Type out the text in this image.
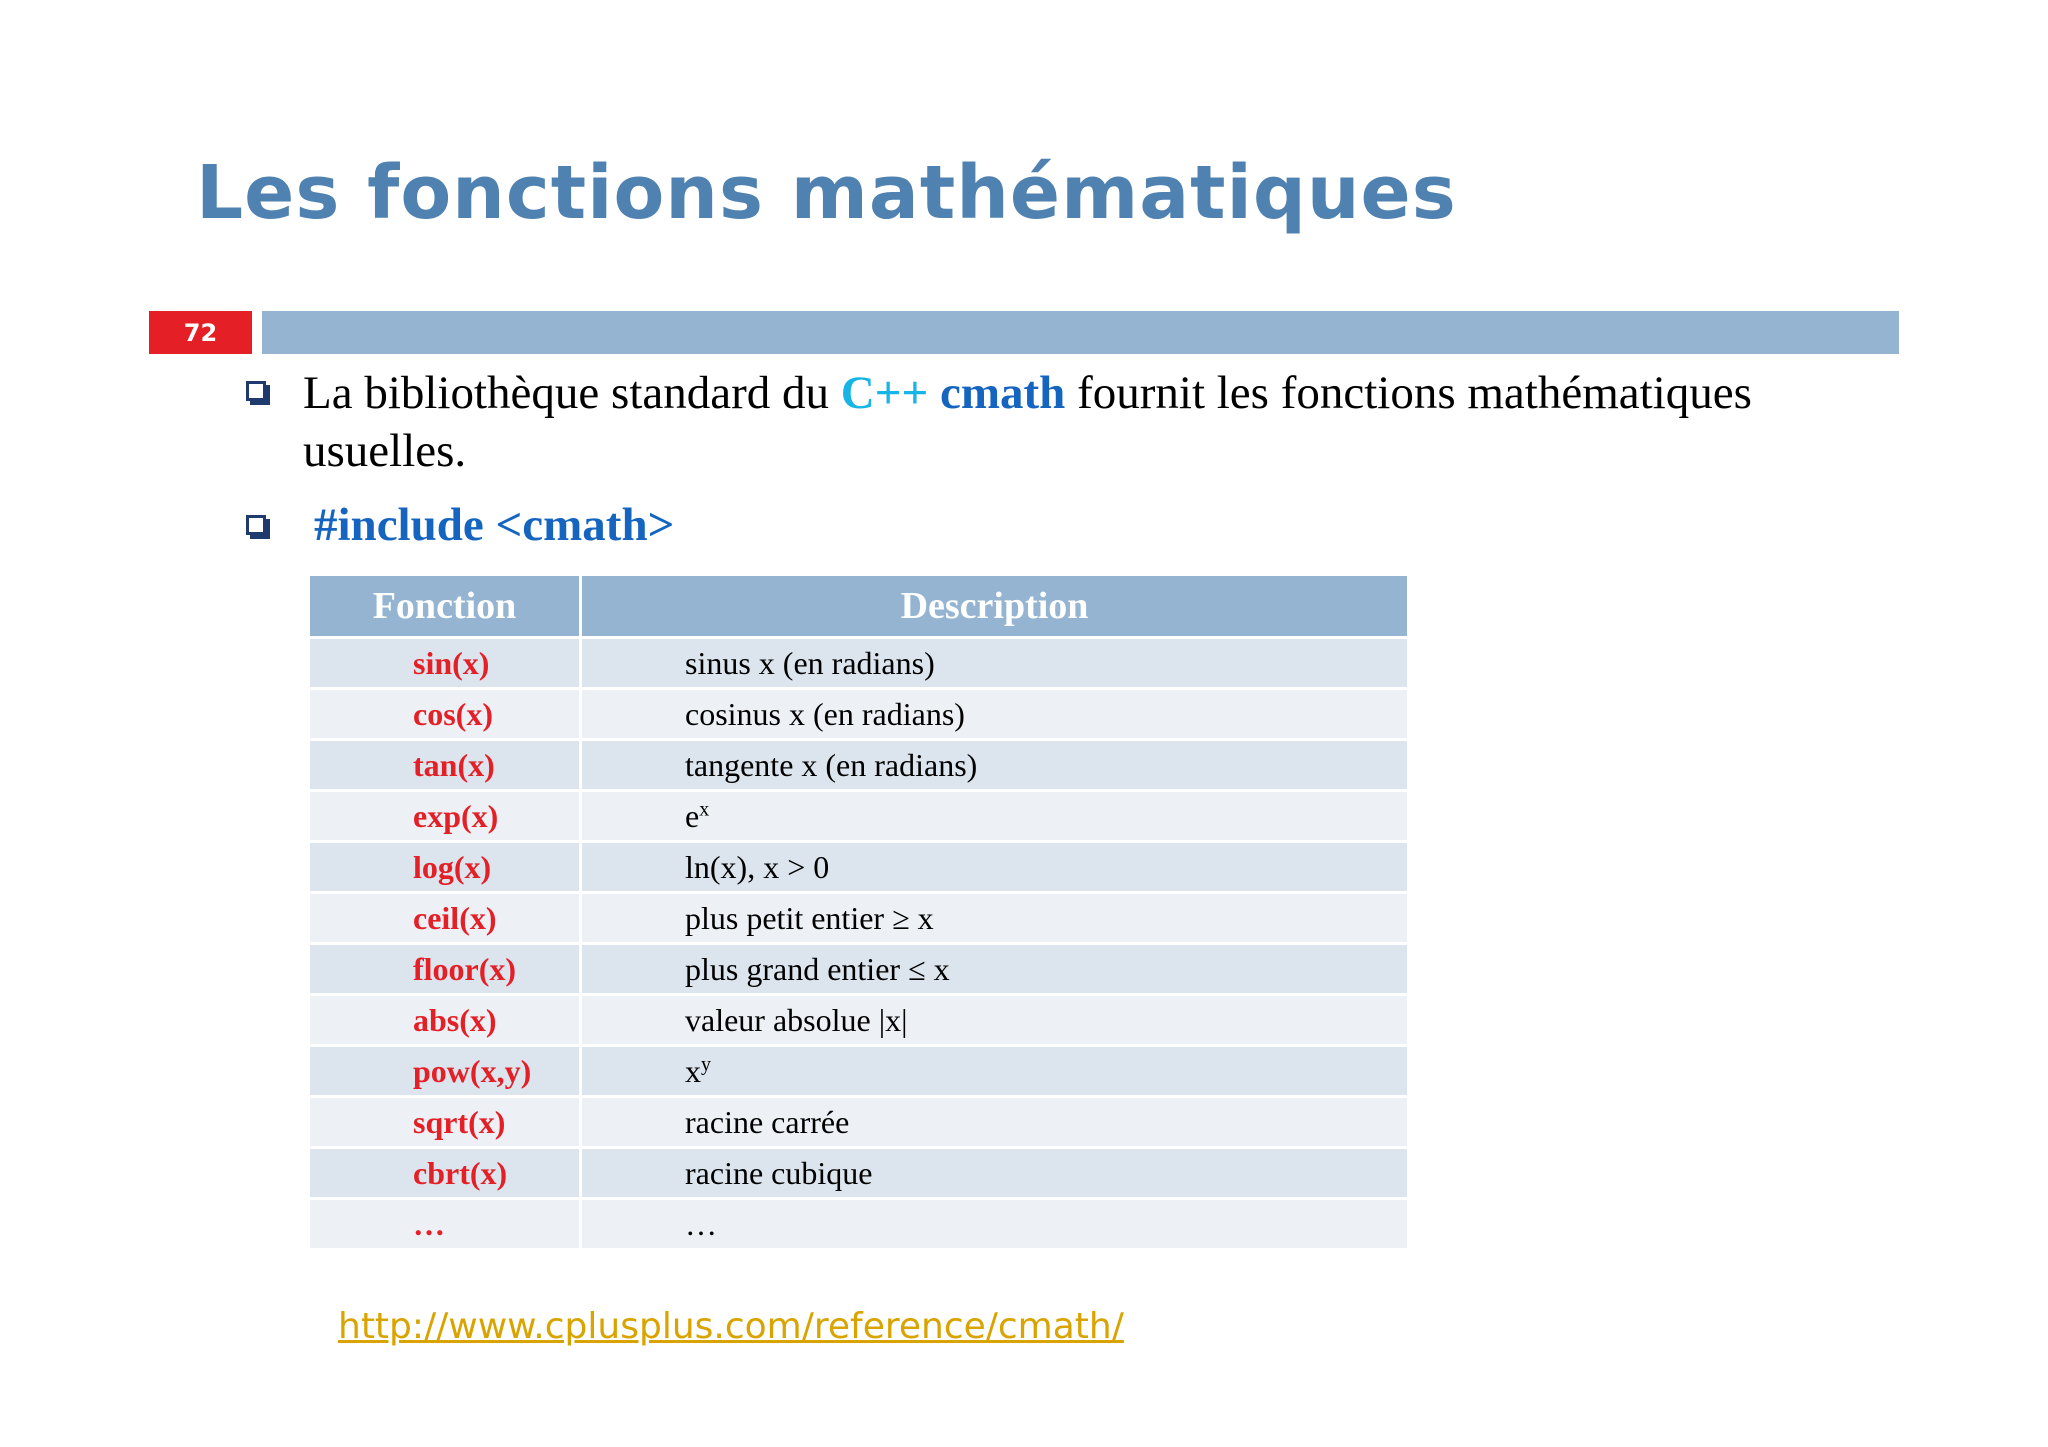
Les fonctions mathématiques
72

La bibliothèque standard du C++ cmath fournit les fonctions mathématiques usuelles.

#include <cmath>
Fonction	Description
sin(x)	sinus x (en radians)
cos(x)	cosinus x (en radians)
tan(x)	tangente x (en radians)
exp(x)	$e^x$
log(x)	ln(x), x > 0
ceil(x)	plus petit entier ≥ x
floor(x)	plus grand entier ≤ x
abs(x)	valeur absolue |x|
pow(x,y)	$x^y$
sqrt(x)	racine carrée
cbrt(x)	racine cubique
…	…
http://www.cplusplus.com/reference/cmath/
